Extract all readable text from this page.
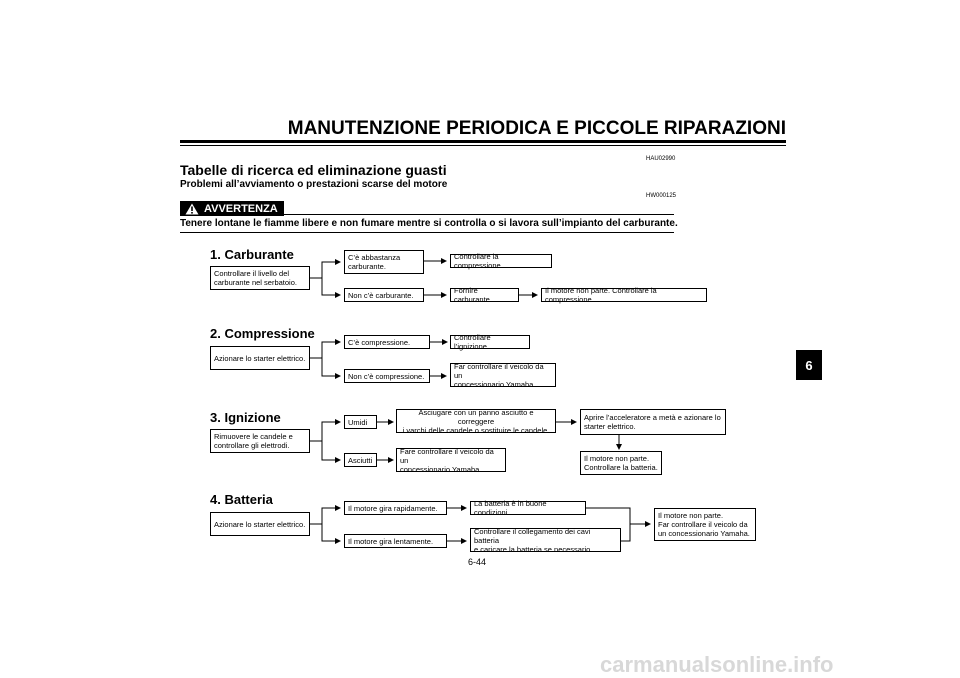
MANUTENZIONE PERIODICA E PICCOLE RIPARAZIONI
HAU02990
Tabelle di ricerca ed eliminazione guasti
Problemi all’avviamento o prestazioni scarse del motore
HW000125
AVVERTENZA
Tenere lontane le fiamme libere e non fumare mentre si controlla o si lavora sull’impianto del carburante.
1. Carburante
Controllare il livello del
carburante nel serbatoio.
C’è abbastanza
carburante.
Controllare la compressione.
Non c’è carburante.	Fornire carburante.
Il motore non parte. Controllare la compressione.
2. Compressione
Azionare lo starter elettrico.
C’è compressione.	Controllare l’ignizione.
Non c’è compressione.
Far controllare il veicolo da un
concessionario Yamaha.
3. Ignizione
Rimuovere le candele e
controllare gli elettrodi.
Umidi
Asciugare con un panno asciutto e correggere
i varchi delle candele o sostituire le candele.
Aprire l’acceleratore a metà e azionare lo
starter elettrico.
Il motore non parte.
Controllare la batteria.
Asciutti
Fare controllare il veicolo da un
concessionario Yamaha.
4. Batteria
Azionare lo starter elettrico.
Il motore gira rapidamente.	La batteria è in buone condizioni.
Il motore gira lentamente.
Controllare il collegamento dei cavi batteria
e caricare la batteria se necessario.
Il motore non parte.
Far controllare il veicolo da
un concessionario Yamaha.
6-44
6
carmanualsonline.info
